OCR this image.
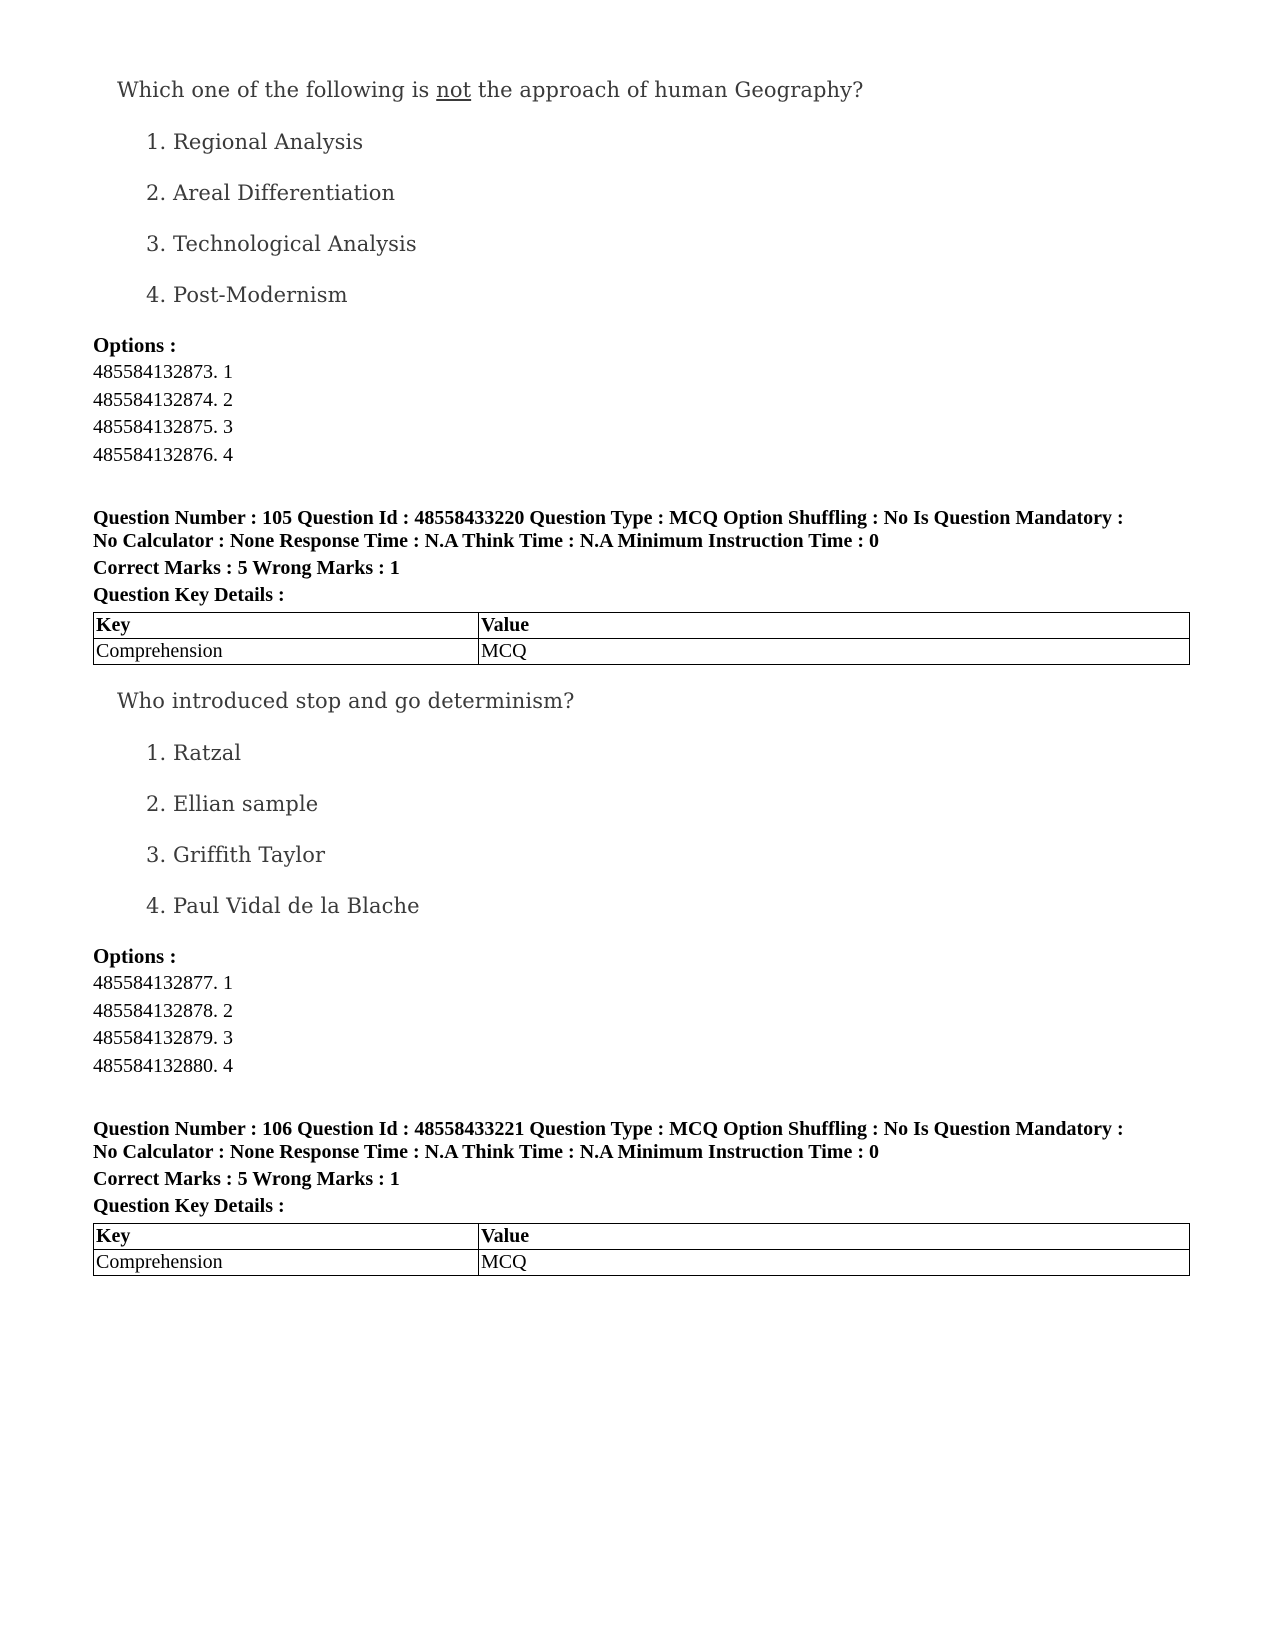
Which one of the following is not the approach of human Geography?
1. Regional Analysis
2. Areal Differentiation
3. Technological Analysis
4. Post-Modernism
Options :
485584132873. 1
485584132874. 2
485584132875. 3
485584132876. 4
Question Number : 105 Question Id : 48558433220 Question Type : MCQ Option Shuffling : No Is Question Mandatory :
No Calculator : None Response Time : N.A Think Time : N.A Minimum Instruction Time : 0
Correct Marks : 5 Wrong Marks : 1
Question Key Details :
Key	Value
Comprehension	MCQ
Who introduced stop and go determinism?
1. Ratzal
2. Ellian sample
3. Griffith Taylor
4. Paul Vidal de la Blache
Options :
485584132877. 1
485584132878. 2
485584132879. 3
485584132880. 4
Question Number : 106 Question Id : 48558433221 Question Type : MCQ Option Shuffling : No Is Question Mandatory :
No Calculator : None Response Time : N.A Think Time : N.A Minimum Instruction Time : 0
Correct Marks : 5 Wrong Marks : 1
Question Key Details :
Key	Value
Comprehension	MCQ
